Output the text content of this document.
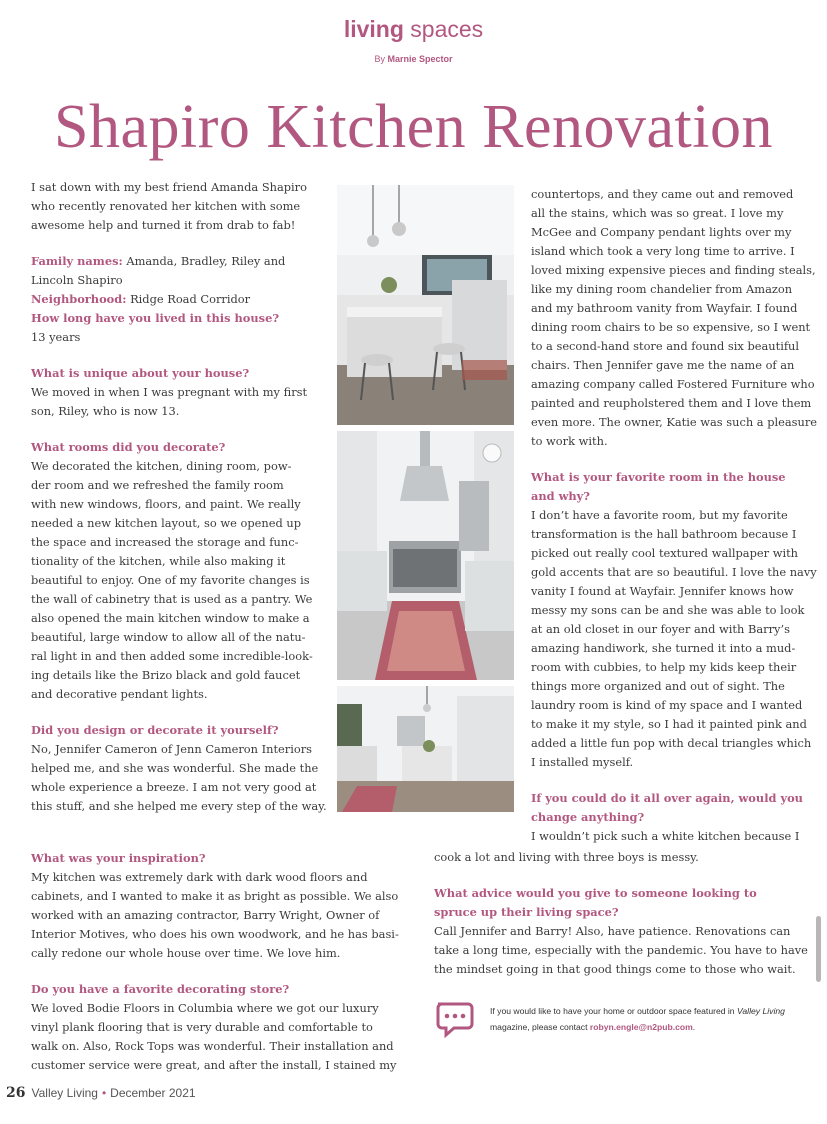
living spaces
By Marnie Spector
Shapiro Kitchen Renovation

I sat down with my best friend Amanda Shapiro

who recently renovated her kitchen with some

awesome help and turned it from drab to fab!

Family names: Amanda, Bradley, Riley and

Lincoln Shapiro

Neighborhood: Ridge Road Corridor

How long have you lived in this house?

13 years

What is unique about your house?

We moved in when I was pregnant with my first

son, Riley, who is now 13.

What rooms did you decorate?

We decorated the kitchen, dining room, pow-

der room and we refreshed the family room

with new windows, floors, and paint. We really

needed a new kitchen layout, so we opened up

the space and increased the storage and func-

tionality of the kitchen, while also making it

beautiful to enjoy. One of my favorite changes is

the wall of cabinetry that is used as a pantry. We

also opened the main kitchen window to make a

beautiful, large window to allow all of the natu-

ral light in and then added some incredible-look-

ing details like the Brizo black and gold faucet

and decorative pendant lights.

Did you design or decorate it yourself?

No, Jennifer Cameron of Jenn Cameron Interiors

helped me, and she was wonderful. She made the

whole experience a breeze. I am not very good at

this stuff, and she helped me every step of the way.

What was your inspiration?

My kitchen was extremely dark with dark wood floors and

cabinets, and I wanted to make it as bright as possible. We also

worked with an amazing contractor, Barry Wright, Owner of

Interior Motives, who does his own woodwork, and he has basi-

cally redone our whole house over time. We love him.

Do you have a favorite decorating store?

We loved Bodie Floors in Columbia where we got our luxury

vinyl plank flooring that is very durable and comfortable to

walk on. Also, Rock Tops was wonderful. Their installation and

customer service were great, and after the install, I stained my

countertops, and they came out and removed

all the stains, which was so great. I love my

McGee and Company pendant lights over my

island which took a very long time to arrive. I

loved mixing expensive pieces and finding steals,

like my dining room chandelier from Amazon

and my bathroom vanity from Wayfair. I found

dining room chairs to be so expensive, so I went

to a second-hand store and found six beautiful

chairs. Then Jennifer gave me the name of an

amazing company called Fostered Furniture who

painted and reupholstered them and I love them

even more. The owner, Katie was such a pleasure

to work with.

What is your favorite room in the house

and why?

I don’t have a favorite room, but my favorite

transformation is the hall bathroom because I

picked out really cool textured wallpaper with

gold accents that are so beautiful. I love the navy

vanity I found at Wayfair. Jennifer knows how

messy my sons can be and she was able to look

at an old closet in our foyer and with Barry’s

amazing handiwork, she turned it into a mud-

room with cubbies, to help my kids keep their

things more organized and out of sight. The

laundry room is kind of my space and I wanted

to make it my style, so I had it painted pink and

added a little fun pop with decal triangles which

I installed myself.

If you could do it all over again, would you

change anything?

I wouldn’t pick such a white kitchen because I

cook a lot and living with three boys is messy.

What advice would you give to someone looking to

spruce up their living space?

Call Jennifer and Barry! Also, have patience. Renovations can

take a long time, especially with the pandemic. You have to have

the mindset going in that good things come to those who wait.

If you would like to have your home or outdoor space featured in Valley Living
magazine, please contact robyn.engle@n2pub.com.
26 Valley Living • December 2021
